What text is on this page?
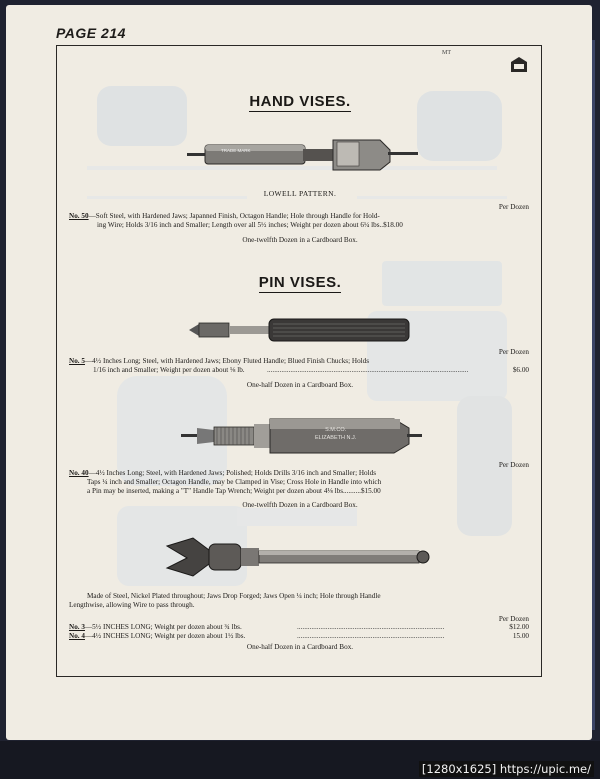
PAGE 214

MT
HAND VISES.
TRADE MARK
LOWELL PATTERN.
Per Dozen
No. 50—Soft Steel, with Hardened Jaws; Japanned Finish, Octagon Handle; Hole through Handle for Hold-
ing Wire; Holds 3/16 inch and Smaller; Length over all 5½ inches; Weight per dozen about 6¼ lbs..$18.00
One-twelfth Dozen in a Cardboard Box.
PIN VISES.
Per Dozen
No. 5—4½ Inches Long; Steel, with Hardened Jaws; Ebony Fluted Handle; Blued Finish Chucks; Holds
1/16 inch and Smaller; Weight per dozen about ⅛ lb.	................................................................................................................	$6.00
One-half Dozen in a Cardboard Box.
S.M.CO.
ELIZABETH N.J.
Per Dozen
No. 40—4½ Inches Long; Steel, with Hardened Jaws; Polished; Holds Drills 3/16 inch and Smaller; Holds
Taps ¼ inch and Smaller; Octagon Handle, may be Clamped in Vise; Cross Hole in Handle into which
a Pin may be inserted, making a "T" Handle Tap Wrench; Weight per dozen about 4⅛ lbs..........$15.00
One-twelfth Dozen in a Cardboard Box.
Made of Steel, Nickel Plated throughout; Jaws Drop Forged; Jaws Open ¼ inch; Hole through Handle
Lengthwise, allowing Wire to pass through.
Per Dozen
No. 3—5½ INCHES LONG; Weight per dozen about ¾ lbs.	..................................................................................	$12.00
No. 4—4½ INCHES LONG; Weight per dozen about 1½ lbs.	..................................................................................	15.00
One-half Dozen in a Cardboard Box.
[1280x1625] https://upic.me/
